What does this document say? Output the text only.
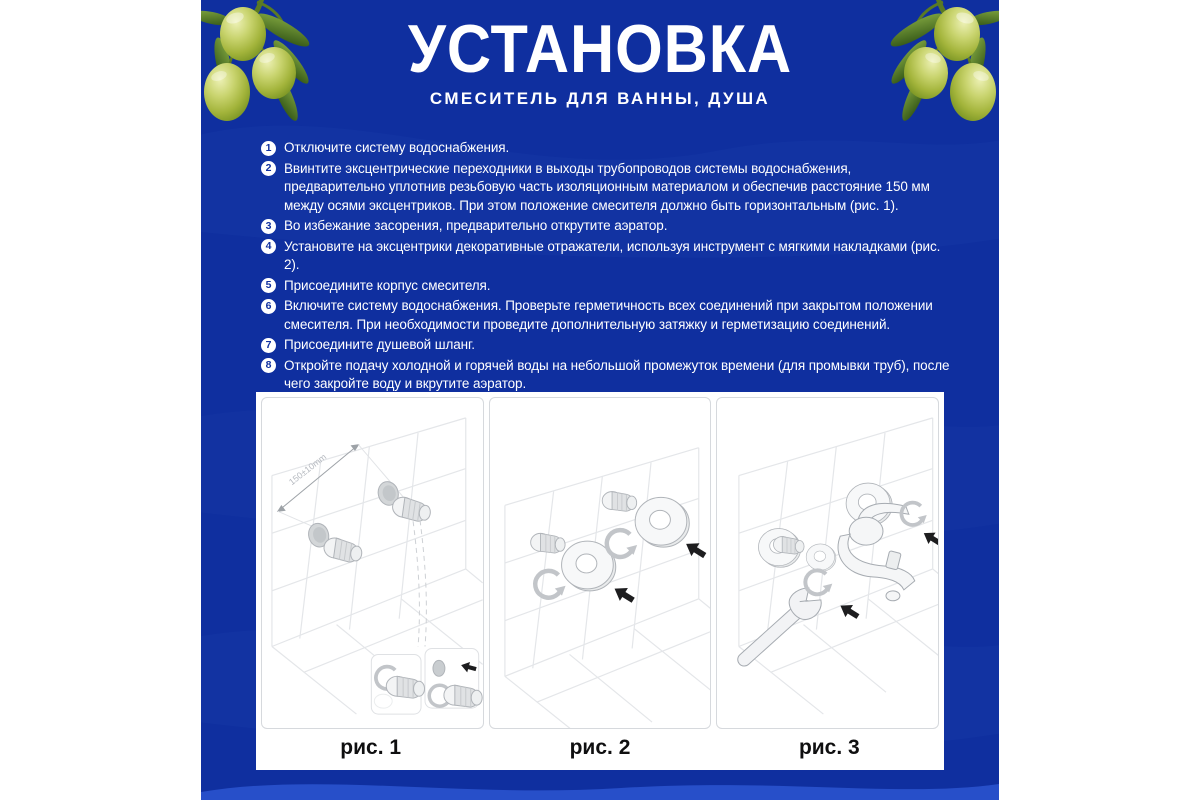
УСТАНОВКА
СМЕСИТЕЛЬ ДЛЯ ВАННЫ, ДУША
1 Отключите систему водоснабжения.
2 Ввинтите эксцентрические переходники в выходы трубопроводов системы водоснабжения, предварительно уплотнив резьбовую часть изоляционным материалом и обеспечив расстояние 150 мм между осями эксцентриков. При этом положение смесителя должно быть горизонтальным (рис. 1).
3 Во избежание засорения, предварительно открутите аэратор.
4 Установите на эксцентрики декоративные отражатели, используя инструмент с мягкими накладками (рис. 2).
5 Присоедините корпус смесителя.
6 Включите систему водоснабжения. Проверьте герметичность всех соединений при закрытом положении смесителя. При необходимости проведите дополнительную затяжку и герметизацию соединений.
7 Присоедините душевой шланг.
8 Откройте подачу холодной и горячей воды на небольшой промежуток времени (для промывки труб), после чего закройте воду и вкрутите аэратор.
150±10mm
рис. 1	рис. 2	рис. 3
